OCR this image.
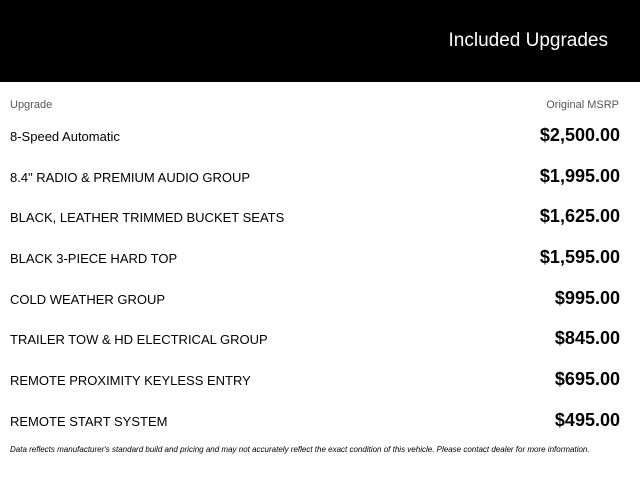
Included Upgrades
Upgrade	Original MSRP
8-Speed Automatic	$2,500.00
8.4" RADIO & PREMIUM AUDIO GROUP	$1,995.00
BLACK, LEATHER TRIMMED BUCKET SEATS	$1,625.00
BLACK 3-PIECE HARD TOP	$1,595.00
COLD WEATHER GROUP	$995.00
TRAILER TOW & HD ELECTRICAL GROUP	$845.00
REMOTE PROXIMITY KEYLESS ENTRY	$695.00
REMOTE START SYSTEM	$495.00
Data reflects manufacturer's standard build and pricing and may not accurately reflect the exact condition of this vehicle. Please contact dealer for more information.
